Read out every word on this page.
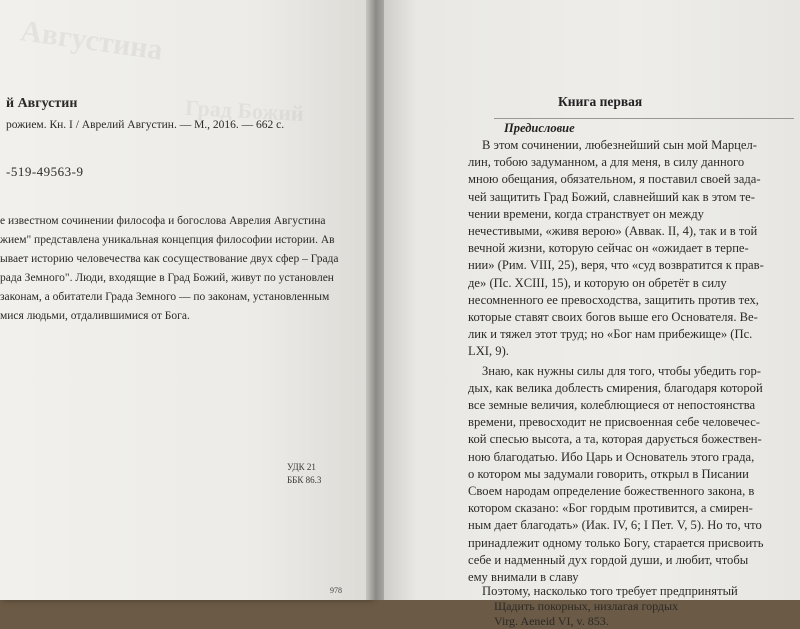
Августина
Град Божий
й Августин
рожием. Кн. I / Аврелий Августин. — М., 2016. — 662 с.
-519-49563-9
е известном сочинении философа и богослова Аврелия Августина
жием" представлена уникальная концепция философии истории. Ав
ывает историю человечества как сосуществование двух сфер – Града
рада Земного". Люди, входящие в Град Божий, живут по установлен
законам, а обитатели Града Земного — по законам, установленным
мися людьми, отдалившимися от Бога.
УДК 21
ББК 86.3
978
Книга первая
Предисловие
В этом сочинении, любезнейший сын мой Марцел-
лин, тобою задуманном, а для меня, в силу данного
мною обещания, обязательном, я поставил своей зада-
чей защитить Град Божий, славнейший как в этом те-
чении времени, когда странствует он между
нечестивыми, «живя верою» (Аввак. II, 4), так и в той
вечной жизни, которую сейчас он «ожидает в терпе-
нии» (Рим. VIII, 25), веря, что «суд возвратится к прав-
де» (Пс. XCIII, 15), и которую он обретёт в силу
несомненного ее превосходства, защитить против тех,
которые ставят своих богов выше его Основателя. Ве-
лик и тяжел этот труд; но «Бог нам прибежище» (Пс.
LXI, 9).
Знаю, как нужны силы для того, чтобы убедить гор-
дых, как велика доблесть смирения, благодаря которой
все земные величия, колеблющиеся от непостоянства
времени, превосходит не присвоенная себе человечес-
кой спесью высота, а та, которая дарується божествен-
ною благодатью. Ибо Царь и Основатель этого града,
о котором мы задумали говорить, открыл в Писании
Своем народам определение божественного закона, в
котором сказано: «Бог гордым противится, а смирен-
ным дает благодать» (Иак. IV, 6; I Пет. V, 5). Но то, что
принадлежит одному только Богу, старается присвоить
себе и надменный дух гордой души, и любит, чтобы
ему внимали в славу
Щадить покорных, низлагая гордых
Virg. Aeneid VI, v. 853.
Поэтому, насколько того требует предпринятый
